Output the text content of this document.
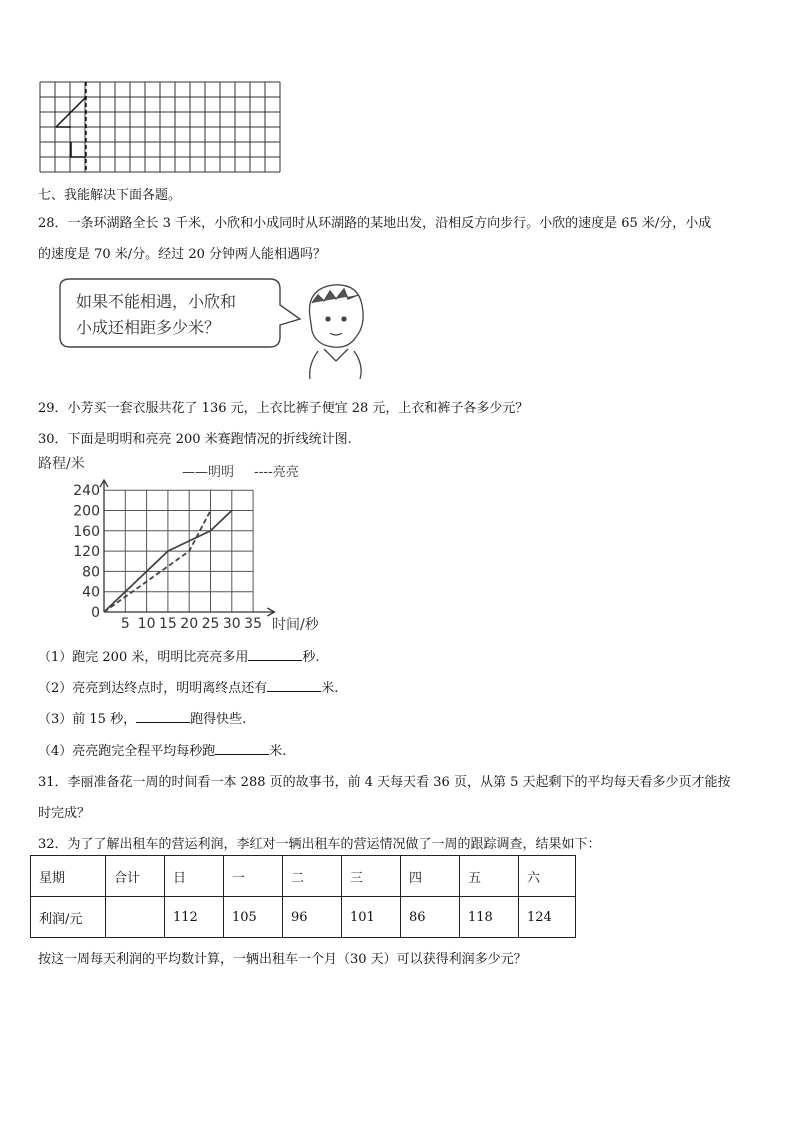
七、我能解决下面各题。
28．一条环湖路全长 3 千米，小欣和小成同时从环湖路的某地出发，沿相反方向步行。小欣的速度是 65 米/分，小成
的速度是 70 米/分。经过 20 分钟两人能相遇吗？
如果不能相遇，小欣和
小成还相距多少米？
29．小芳买一套衣服共花了 136 元，上衣比裤子便宜 28 元，上衣和裤子各多少元？
30．下面是明明和亮亮 200 米赛跑情况的折线统计图.
0
40
80
120
160
200
240
5 10 15 20 25 30 35
路程/米
时间/秒
——明明 ----亮亮
（1）跑完 200 米，明明比亮亮多用	秒.
（2）亮亮到达终点时，明明离终点还有	米.
（3）前 15 秒，	跑得快些.
（4）亮亮跑完全程平均每秒跑	米.
31．李丽准备花一周的时间看一本 288 页的故事书，前 4 天每天看 36 页，从第 5 天起剩下的平均每天看多少页才能按
时完成？
32．为了了解出租车的营运利润，李红对一辆出租车的营运情况做了一周的跟踪调查，结果如下：
星期	合计	日	一	二	三	四	五	六
利润/元		112	105	96	101	86	118	124
按这一周每天利润的平均数计算，一辆出租车一个月（30 天）可以获得利润多少元？
